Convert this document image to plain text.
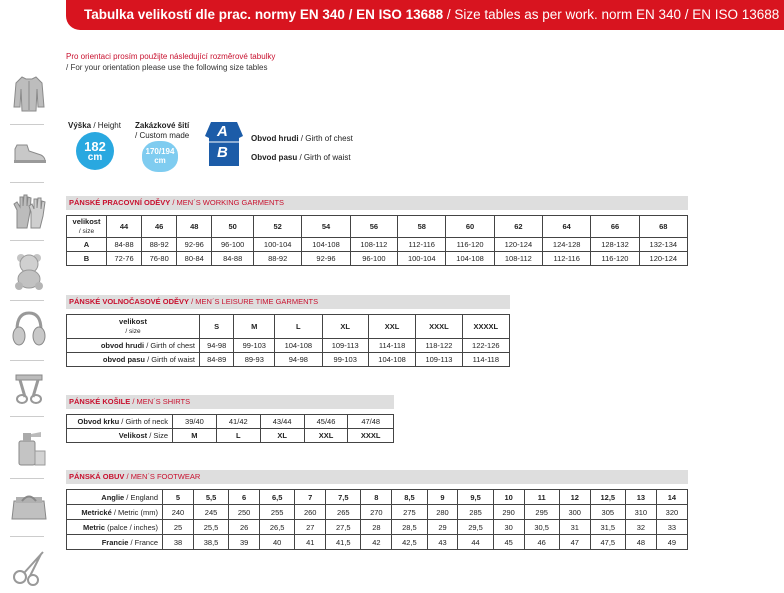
Tabulka velikostí dle prac. normy EN 340 / EN ISO 13688 / Size tables as per work. norm EN 340 / EN ISO 13688
Pro orientaci prosím použijte následující rozměrové tabulky
/ For your orientation please use the following size tables
Výška / Height
182
cm
Zakázkové šití
/ Custom made
170/194
cm
A
B
Obvod hrudi / Girth of chest
Obvod pasu / Girth of waist
PÁNSKÉ PRACOVNÍ ODĚVY / MEN´S WORKING GARMENTS
velikost
/ size	44	46	48	50	52	54	56	58	60	62	64	66	68
A	84-88	88-92	92-96	96-100	100-104	104-108	108-112	112-116	116-120	120-124	124-128	128-132	132-134
B	72-76	76-80	80-84	84-88	88-92	92-96	96-100	100-104	104-108	108-112	112-116	116-120	120-124
PÁNSKÉ VOLNOČASOVÉ ODĚVY / MEN´S LEISURE TIME GARMENTS
velikost
/ size	S	M	L	XL	XXL	XXXL	XXXXL
obvod hrudi / Girth of chest	94-98	99-103	104-108	109-113	114-118	118-122	122-126
obvod pasu / Girth of waist	84-89	89-93	94-98	99-103	104-108	109-113	114-118
PÁNSKÉ KOŠILE / MEN´S SHIRTS
Obvod krku / Girth of neck	39/40	41/42	43/44	45/46	47/48
Velikost / Size	M	L	XL	XXL	XXXL
PÁNSKÁ OBUV / MEN´S FOOTWEAR
Anglie / England	5	5,5	6	6,5	7	7,5	8	8,5	9	9,5	10	11	12	12,5	13	14
Metrické / Metric (mm)	240	245	250	255	260	265	270	275	280	285	290	295	300	305	310	320
Metric (palce / inches)	25	25,5	26	26,5	27	27,5	28	28,5	29	29,5	30	30,5	31	31,5	32	33
Francie / France	38	38,5	39	40	41	41,5	42	42,5	43	44	45	46	47	47,5	48	49
